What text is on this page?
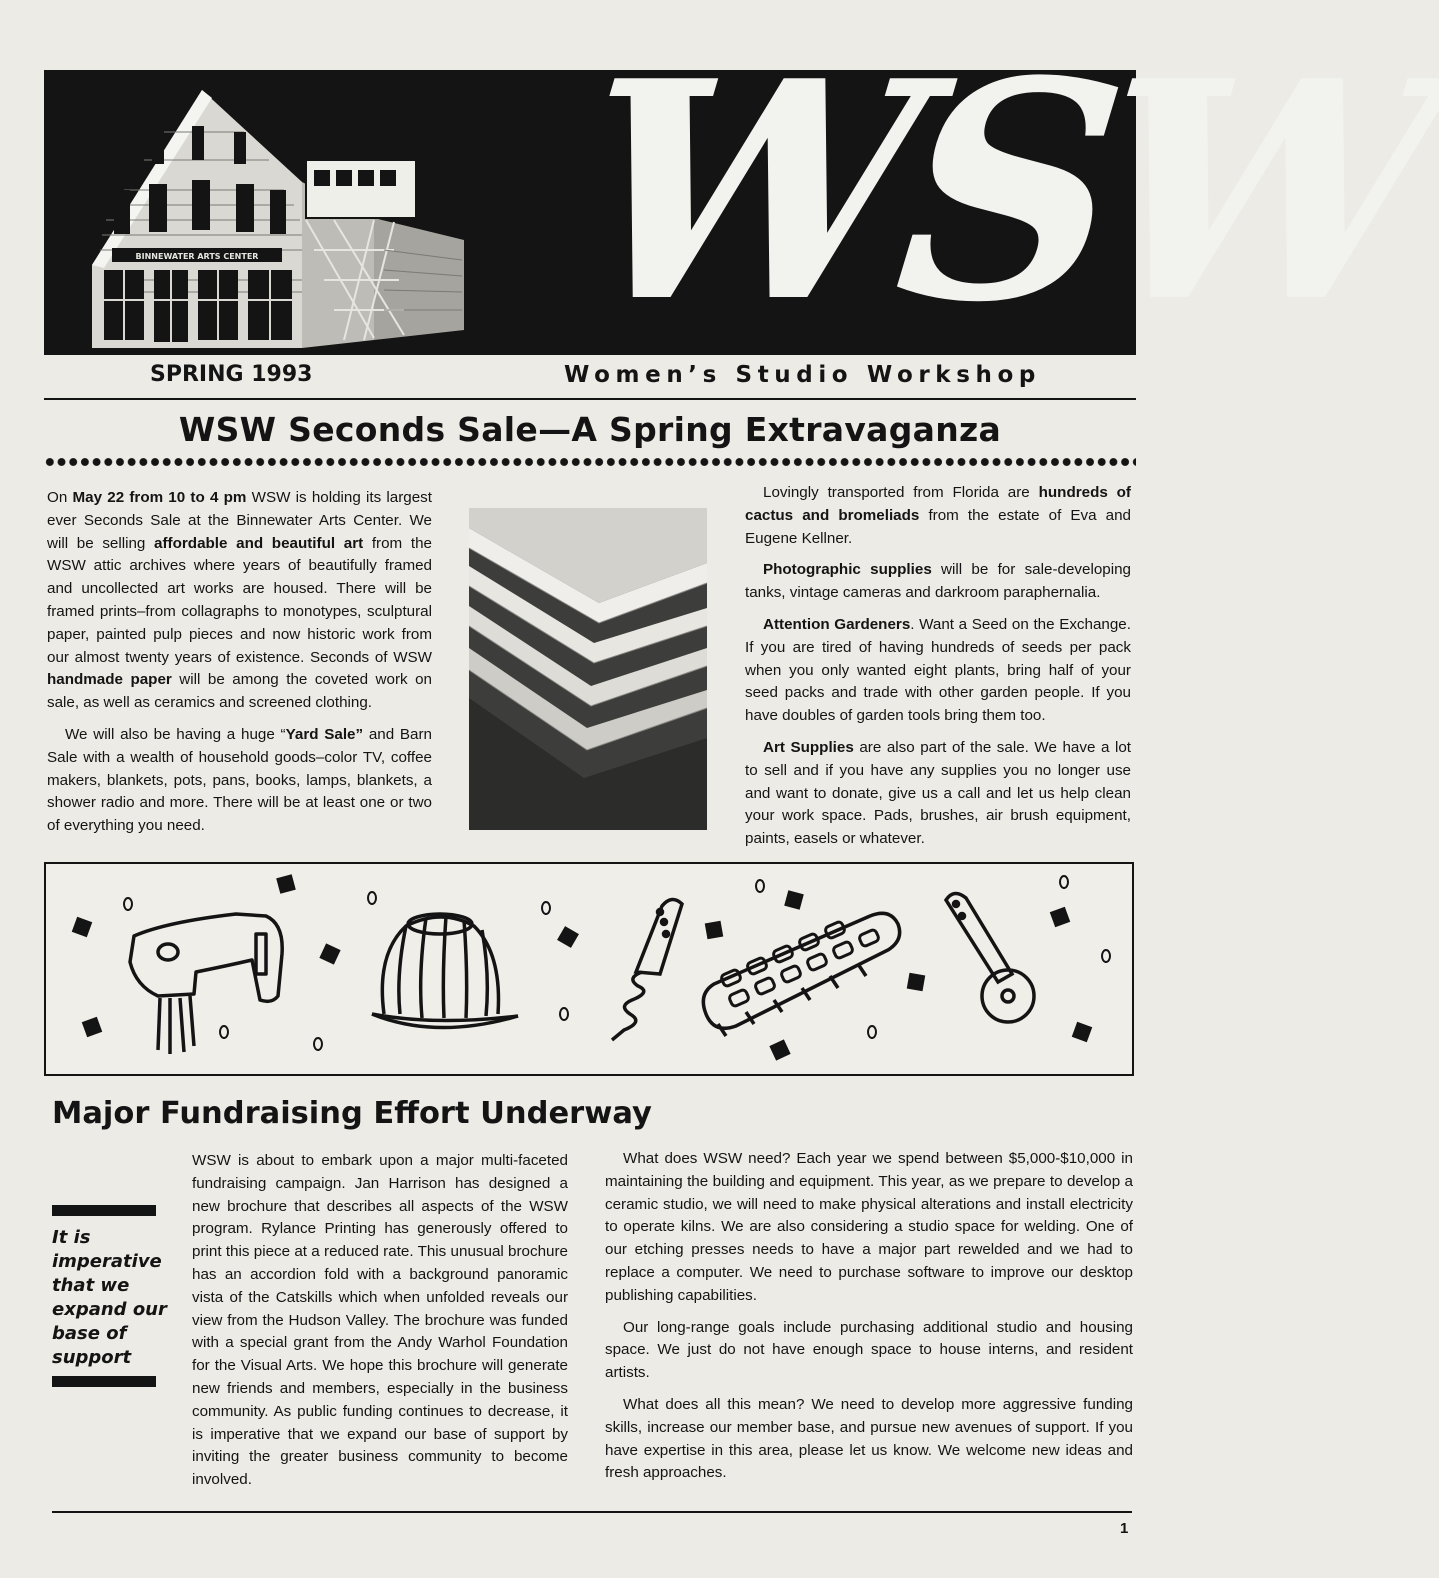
BINNEWATER ARTS CENTER WSW
SPRING 1993	Women’s Studio Workshop
WSW Seconds Sale—A Spring Extravaganza

On May 22 from 10 to 4 pm WSW is holding its largest ever Seconds Sale at the Binnewater Arts Center. We will be selling affordable and beautiful art from the WSW attic archives where years of beautifully framed and uncollected art works are housed. There will be framed prints–from collagraphs to monotypes, sculptural paper, painted pulp pieces and now historic work from our almost twenty years of existence. Seconds of WSW handmade paper will be among the coveted work on sale, as well as ceramics and screened clothing.

We will also be having a huge “Yard Sale” and Barn Sale with a wealth of household goods–color TV, coffee makers, blankets, pots, pans, books, lamps, blankets, a shower radio and more. There will be at least one or two of everything you need.

Lovingly transported from Florida are hundreds of cactus and bromeliads from the estate of Eva and Eugene Kellner.

Photographic supplies will be for sale-developing tanks, vintage cameras and darkroom paraphernalia.

Attention Gardeners. Want a Seed on the Exchange. If you are tired of having hundreds of seeds per pack when you only wanted eight plants, bring half of your seed packs and trade with other garden people. If you have doubles of garden tools bring them too.

Art Supplies are also part of the sale. We have a lot to sell and if you have any supplies you no longer use and want to donate, give us a call and let us help clean your work space. Pads, brushes, air brush equipment, paints, easels or whatever.

Major Fundraising Effort Underway
It is imperative that we expand our base of support

WSW is about to embark upon a major multi-faceted fundraising campaign. Jan Harrison has designed a new brochure that describes all aspects of the WSW program. Rylance Printing has generously offered to print this piece at a reduced rate. This unusual brochure has an accordion fold with a background panoramic vista of the Catskills which when unfolded reveals our view from the Hudson Valley. The brochure was funded with a special grant from the Andy Warhol Foundation for the Visual Arts. We hope this brochure will generate new friends and members, especially in the business community. As public funding continues to decrease, it is imperative that we expand our base of support by inviting the greater business community to become involved.

What does WSW need? Each year we spend between $5,000-$10,000 in maintaining the building and equipment. This year, as we prepare to develop a ceramic studio, we will need to make physical alterations and install electricity to operate kilns. We are also considering a studio space for welding. One of our etching presses needs to have a major part rewelded and we had to replace a computer. We need to purchase software to improve our desktop publishing capabilities.

Our long-range goals include purchasing additional studio and housing space. We just do not have enough space to house interns, and resident artists.

What does all this mean? We need to develop more aggressive funding skills, increase our member base, and pursue new avenues of support. If you have expertise in this area, please let us know. We welcome new ideas and fresh approaches.

1
